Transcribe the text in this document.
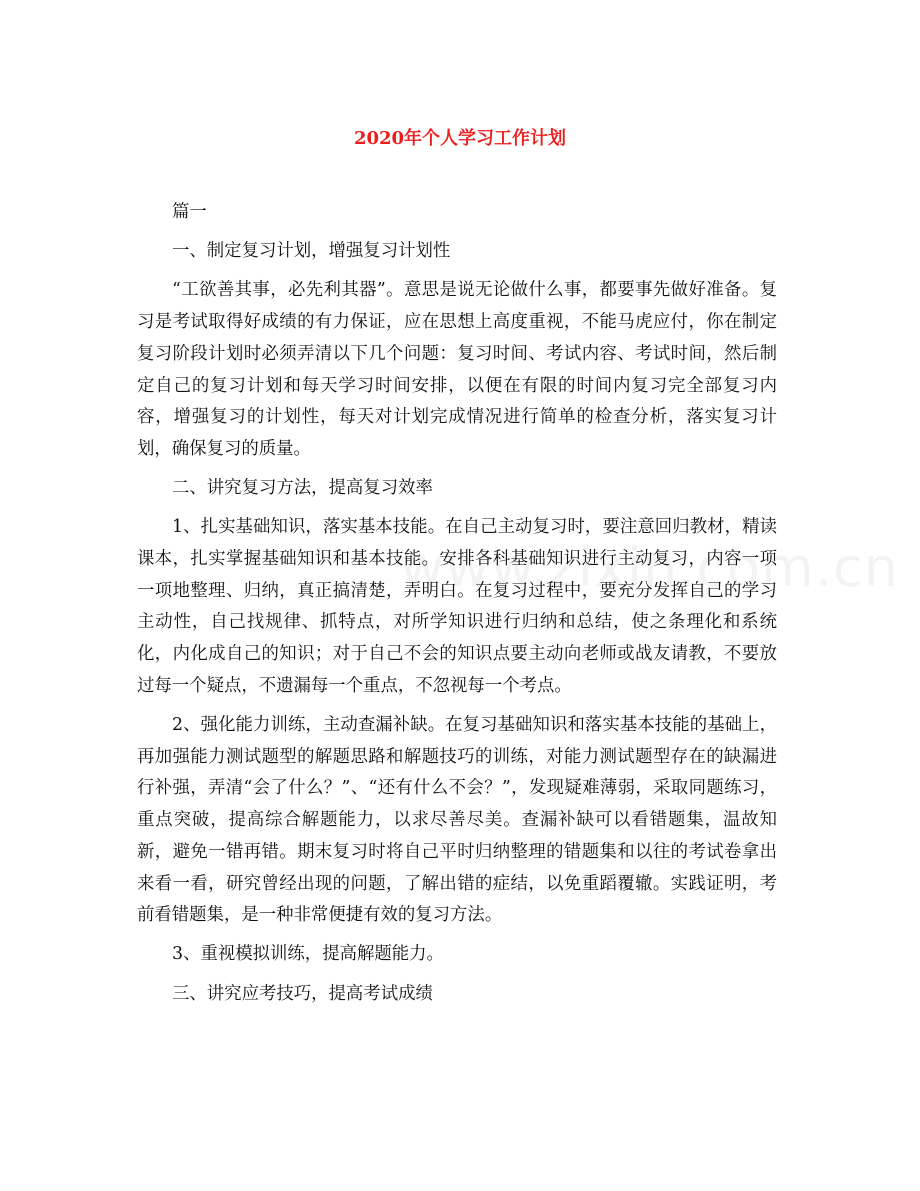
2020年个人学习工作计划

篇一

一、制定复习计划，增强复习计划性

“工欲善其事，必先利其器”。意思是说无论做什么事，都要事先做好准备。复习是考试取得好成绩的有力保证，应在思想上高度重视，不能马虎应付，你在制定复习阶段计划时必须弄清以下几个问题：复习时间、考试内容、考试时间，然后制定自己的复习计划和每天学习时间安排，以便在有限的时间内复习完全部复习内容，增强复习的计划性，每天对计划完成情况进行简单的检查分析，落实复习计划，确保复习的质量。

二、讲究复习方法，提高复习效率

1、扎实基础知识，落实基本技能。在自己主动复习时，要注意回归教材，精读课本，扎实掌握基础知识和基本技能。安排各科基础知识进行主动复习，内容一项一项地整理、归纳，真正搞清楚，弄明白。在复习过程中，要充分发挥自己的学习主动性，自己找规律、抓特点，对所学知识进行归纳和总结，使之条理化和系统化，内化成自己的知识；对于自己不会的知识点要主动向老师或战友请教，不要放过每一个疑点，不遗漏每一个重点，不忽视每一个考点。

2、强化能力训练，主动查漏补缺。在复习基础知识和落实基本技能的基础上，再加强能力测试题型的解题思路和解题技巧的训练，对能力测试题型存在的缺漏进行补强，弄清“会了什么？”、“还有什么不会？”，发现疑难薄弱，采取同题练习，重点突破，提高综合解题能力，以求尽善尽美。查漏补缺可以看错题集，温故知新，避免一错再错。期末复习时将自己平时归纳整理的错题集和以往的考试卷拿出来看一看，研究曾经出现的问题，了解出错的症结，以免重蹈覆辙。实践证明，考前看错题集，是一种非常便捷有效的复习方法。

3、重视模拟训练，提高解题能力。

三、讲究应考技巧，提高考试成绩
